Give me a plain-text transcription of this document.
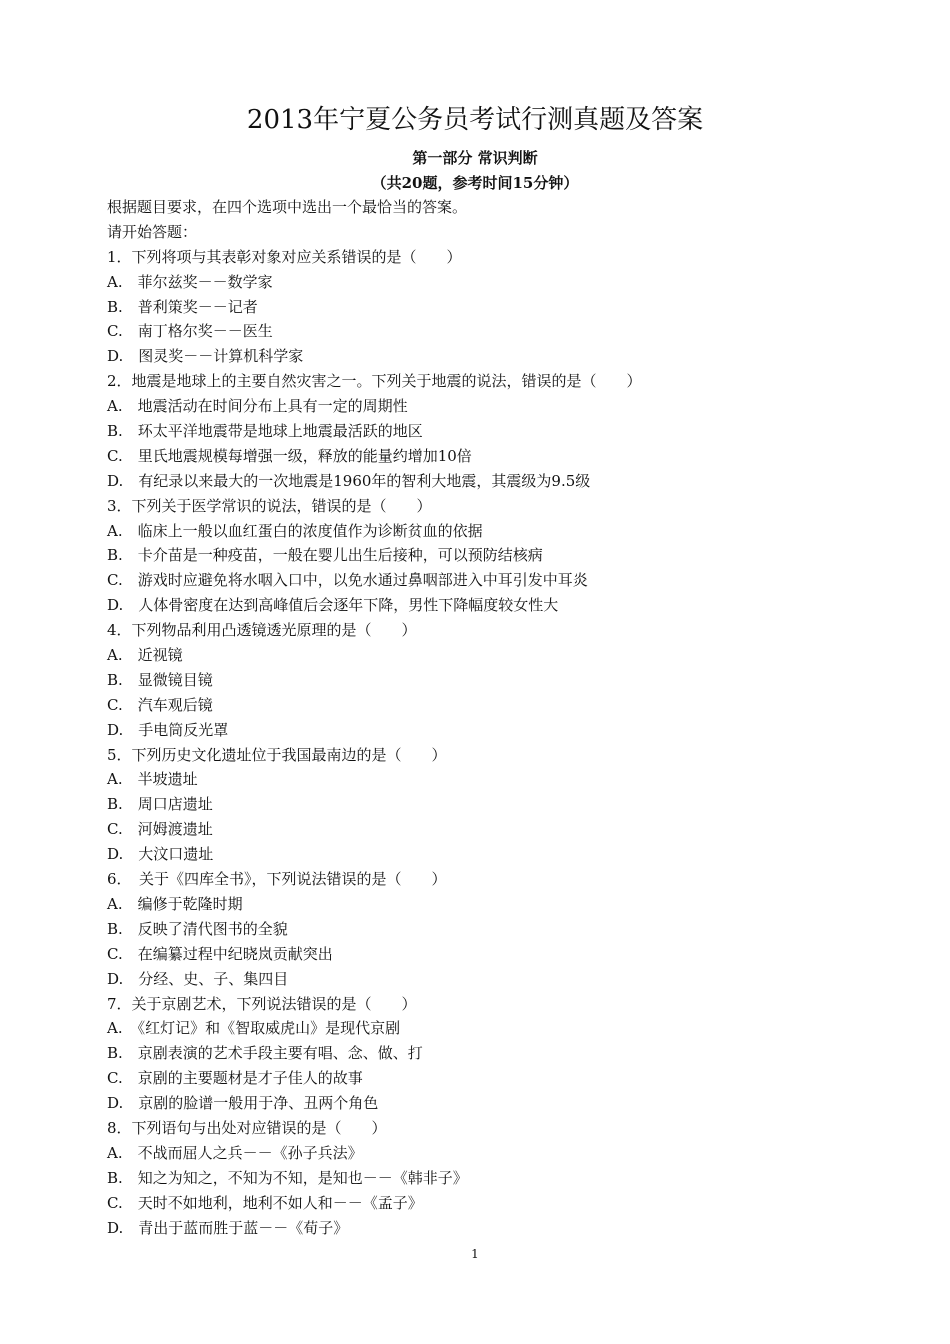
2013年宁夏公务员考试行测真题及答案
第一部分 常识判断
（共20题，参考时间15分钟）
根据题目要求，在四个选项中选出一个最恰当的答案。
请开始答题：
1．下列将项与其表彰对象对应关系错误的是（　　）
A.　菲尔兹奖－－数学家
B.　普利策奖－－记者
C.　南丁格尔奖－－医生
D.　图灵奖－－计算机科学家
2．地震是地球上的主要自然灾害之一。下列关于地震的说法，错误的是（　　）
A.　地震活动在时间分布上具有一定的周期性
B.　环太平洋地震带是地球上地震最活跃的地区
C.　里氏地震规模每增强一级，释放的能量约增加10倍
D.　有纪录以来最大的一次地震是1960年的智利大地震，其震级为9.5级
3．下列关于医学常识的说法，错误的是（　　）
A.　临床上一般以血红蛋白的浓度值作为诊断贫血的依据
B.　卡介苗是一种疫苗，一般在婴儿出生后接种，可以预防结核病
C.　游戏时应避免将水咽入口中，以免水通过鼻咽部进入中耳引发中耳炎
D.　人体骨密度在达到高峰值后会逐年下降，男性下降幅度较女性大
4．下列物品利用凸透镜透光原理的是（　　）
A.　近视镜
B.　显微镜目镜
C.　汽车观后镜
D.　手电筒反光罩
5．下列历史文化遗址位于我国最南边的是（　　）
A.　半坡遗址
B.　周口店遗址
C.　河姆渡遗址
D.　大汶口遗址
6．　关于《四库全书》，下列说法错误的是（　　）
A.　编修于乾隆时期
B.　反映了清代图书的全貌
C.　在编纂过程中纪晓岚贡献突出
D.　分经、史、子、集四目
7．关于京剧艺术，下列说法错误的是（　　）
A.　《红灯记》和《智取威虎山》是现代京剧
B.　京剧表演的艺术手段主要有唱、念、做、打
C.　京剧的主要题材是才子佳人的故事
D.　京剧的脸谱一般用于净、丑两个角色
8．下列语句与出处对应错误的是（　　）
A.　不战而屈人之兵－－《孙子兵法》
B.　知之为知之，不知为不知，是知也－－《韩非子》
C.　天时不如地利，地利不如人和－－《孟子》
D.　青出于蓝而胜于蓝－－《荀子》
1
